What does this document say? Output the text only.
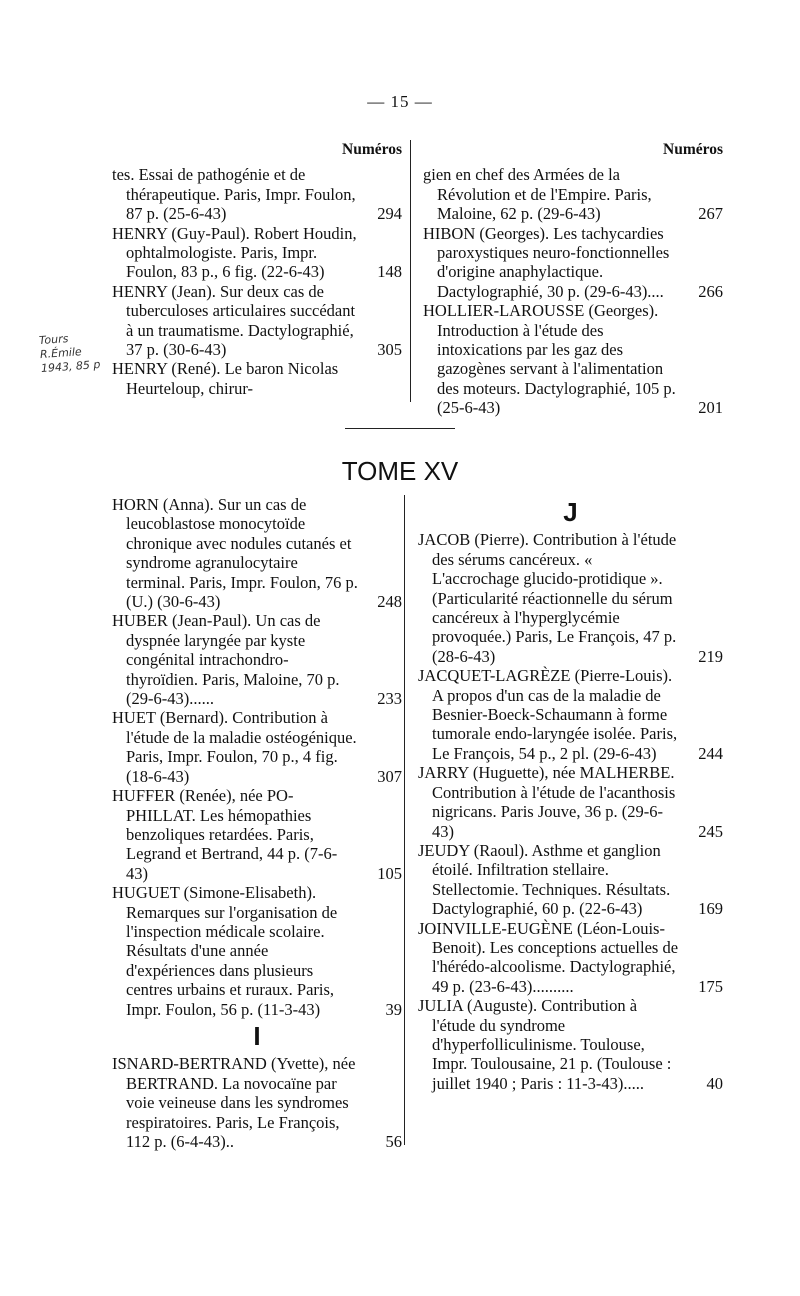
— 15 —
Tours
R.Émile
1943, 85 p
Numéros

tes. Essai de pathogénie et de thérapeutique. Paris, Impr. Foulon, 87 p. (25-6-43)	294

HENRY (Guy-Paul). Robert Houdin, ophtalmologiste. Paris, Impr. Foulon, 83 p., 6 fig. (22-6-43)	148

HENRY (Jean). Sur deux cas de tuberculoses articulaires succédant à un traumatisme. Dactylographié, 37 p. (30-6-43)	305

HENRY (René). Le baron Nicolas Heurteloup, chirur-

Numéros

gien en chef des Armées de la Révolution et de l'Empire. Paris, Maloine, 62 p. (29-6-43)	267

HIBON (Georges). Les tachycardies paroxystiques neuro-fonctionnelles d'origine anaphylactique. Dactylographié, 30 p. (29-6-43).... 266

HOLLIER-LAROUSSE (Georges). Introduction à l'étude des intoxications par les gaz des gazogènes servant à l'alimentation des moteurs. Dactylographié, 105 p. (25-6-43)	201

TOME XV

HORN (Anna). Sur un cas de leucoblastose monocytoïde chronique avec nodules cutanés et syndrome agranulocytaire terminal. Paris, Impr. Foulon, 76 p. (U.) (30-6-43)	248

HUBER (Jean-Paul). Un cas de dyspnée laryngée par kyste congénital intrachondro-thyroïdien. Paris, Maloine, 70 p. (29-6-43)......	233

HUET (Bernard). Contribution à l'étude de la maladie ostéogénique. Paris, Impr. Foulon, 70 p., 4 fig. (18-6-43)	307

HUFFER (Renée), née PO-PHILLAT. Les hémopathies benzoliques retardées. Paris, Legrand et Bertrand, 44 p. (7-6-43)	105

HUGUET (Simone-Elisabeth). Remarques sur l'organisation de l'inspection médicale scolaire. Résultats d'une année d'expériences dans plusieurs centres urbains et ruraux. Paris, Impr. Foulon, 56 p. (11-3-43)	39

I

ISNARD-BERTRAND (Yvette), née BERTRAND. La novocaïne par voie veineuse dans les syndromes respiratoires. Paris, Le François, 112 p. (6-4-43)..	56

J

JACOB (Pierre). Contribution à l'étude des sérums cancéreux. « L'accrochage glucido-protidique ». (Particularité réactionnelle du sérum cancéreux à l'hyperglycémie provoquée.) Paris, Le François, 47 p. (28-6-43)	219

JACQUET-LAGRÈZE (Pierre-Louis). A propos d'un cas de la maladie de Besnier-Boeck-Schaumann à forme tumorale endo-laryngée isolée. Paris, Le François, 54 p., 2 pl. (29-6-43)	244

JARRY (Huguette), née MALHERBE. Contribution à l'étude de l'acanthosis nigricans. Paris Jouve, 36 p. (29-6-43)	245

JEUDY (Raoul). Asthme et ganglion étoilé. Infiltration stellaire. Stellectomie. Techniques. Résultats. Dactylographié, 60 p. (22-6-43)	169

JOINVILLE-EUGÈNE (Léon-Louis-Benoit). Les conceptions actuelles de l'hérédo-alcoolisme. Dactylographié, 49 p. (23-6-43)..........	175

JULIA (Auguste). Contribution à l'étude du syndrome d'hyperfolliculinisme. Toulouse, Impr. Toulousaine, 21 p. (Toulouse : juillet 1940 ; Paris : 11-3-43).....	40
